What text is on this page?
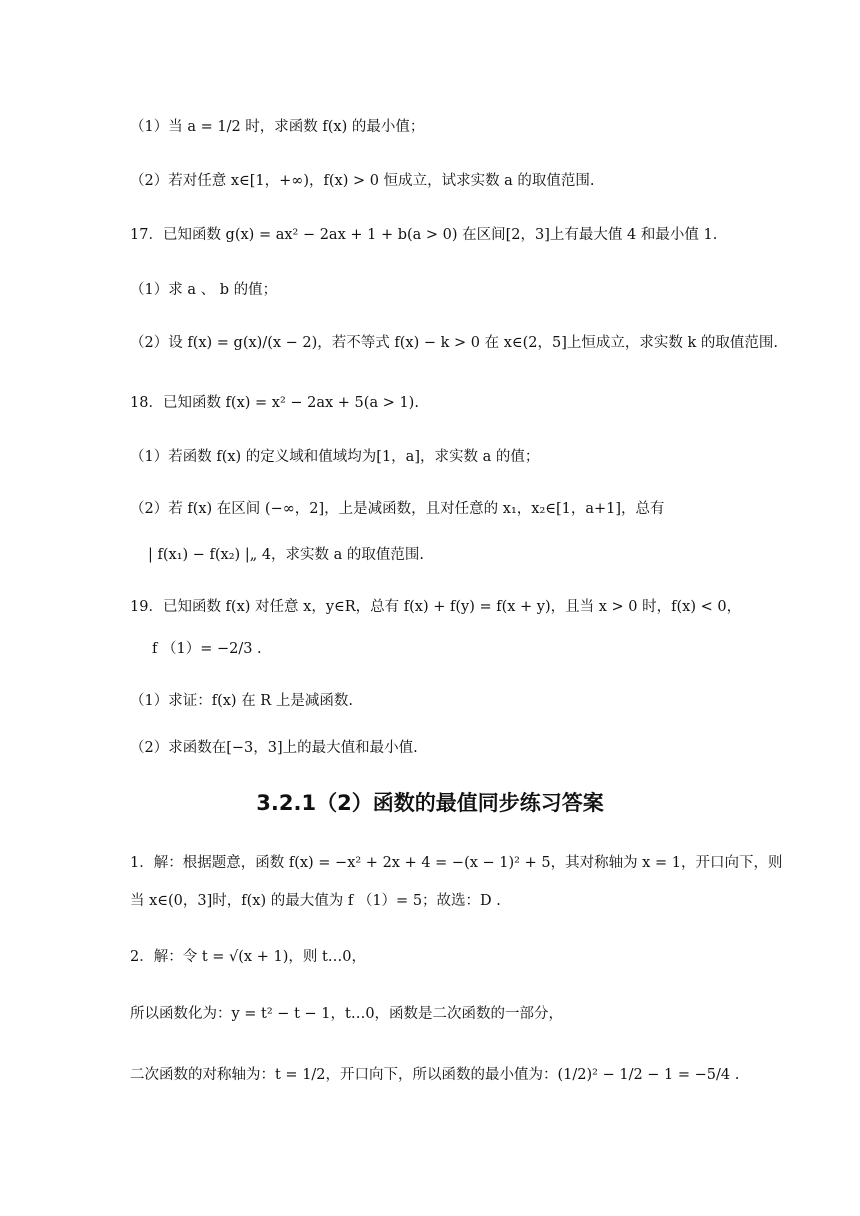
（1）当 a = 1/2 时，求函数 f(x) 的最小值；
（2）若对任意 x∈[1，+∞)，f(x) > 0 恒成立，试求实数 a 的取值范围.
17．已知函数 g(x) = ax² − 2ax + 1 + b(a > 0) 在区间[2，3]上有最大值 4 和最小值 1.
（1）求 a 、 b 的值；
（2）设 f(x) = g(x)/(x − 2)，若不等式 f(x) − k > 0 在 x∈(2，5]上恒成立，求实数 k 的取值范围.
18．已知函数 f(x) = x² − 2ax + 5(a > 1).
（1）若函数 f(x) 的定义域和值域均为[1，a]，求实数 a 的值；
（2）若 f(x) 在区间 (−∞，2]，上是减函数，且对任意的 x₁，x₂∈[1，a+1]，总有
| f(x₁) − f(x₂) |„ 4，求实数 a 的取值范围.
19．已知函数 f(x) 对任意 x，y∈R，总有 f(x) + f(y) = f(x + y)，且当 x > 0 时，f(x) < 0，
f （1）= −2/3 .
（1）求证：f(x) 在 R 上是减函数.
（2）求函数在[−3，3]上的最大值和最小值.
3.2.1（2）函数的最值同步练习答案
1．解：根据题意，函数 f(x) = −x² + 2x + 4 = −(x − 1)² + 5，其对称轴为 x = 1，开口向下，则
当 x∈(0，3]时，f(x) 的最大值为 f （1）= 5；故选：D .
2．解：令 t = √(x + 1)，则 t…0，
所以函数化为：y = t² − t − 1，t…0，函数是二次函数的一部分，
二次函数的对称轴为：t = 1/2，开口向下，所以函数的最小值为：(1/2)² − 1/2 − 1 = −5/4 .
